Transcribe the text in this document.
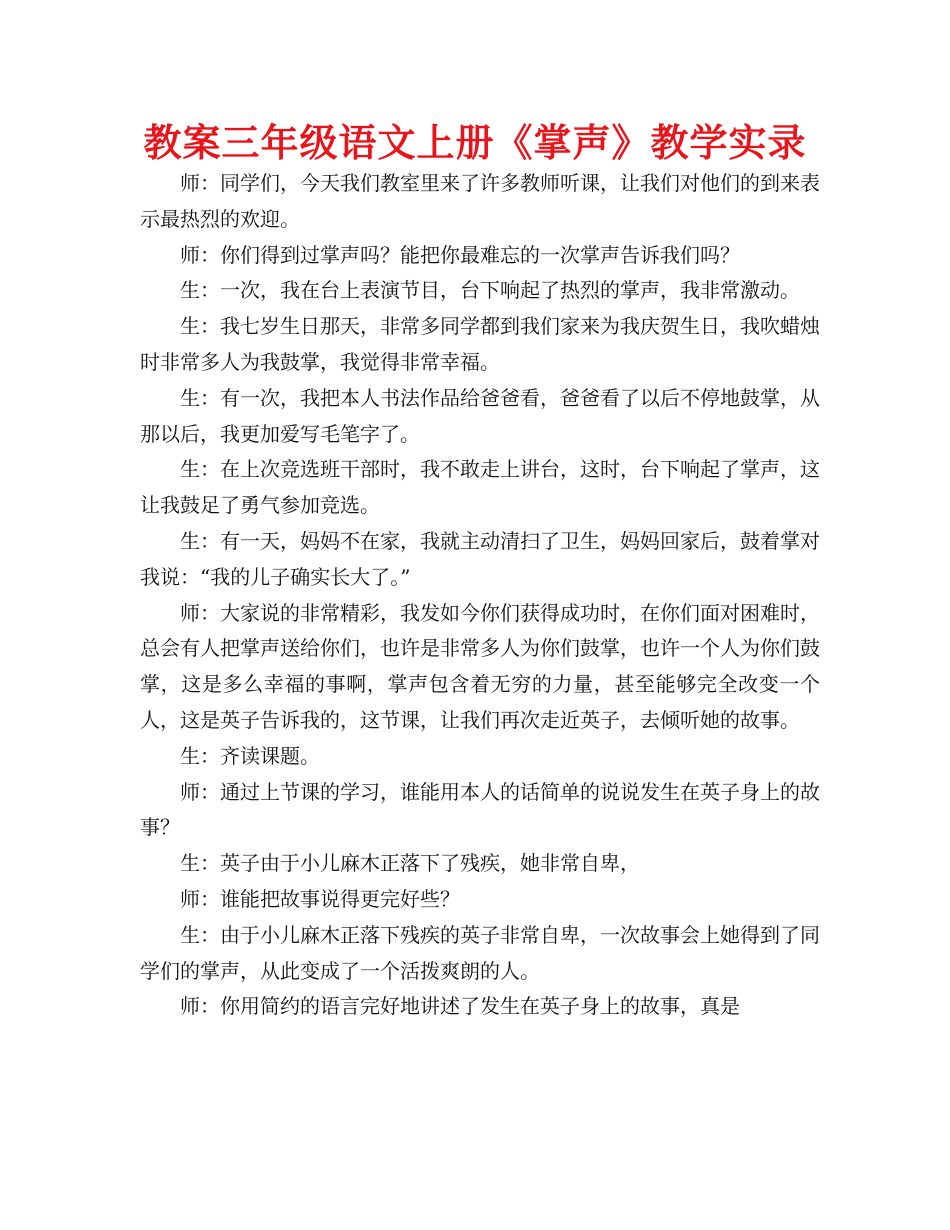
教案三年级语文上册《掌声》教学实录

师：同学们，今天我们教室里来了许多教师听课，让我们对他们的到来表示最热烈的欢迎。

师：你们得到过掌声吗？能把你最难忘的一次掌声告诉我们吗？

生：一次，我在台上表演节目，台下响起了热烈的掌声，我非常激动。

生：我七岁生日那天，非常多同学都到我们家来为我庆贺生日，我吹蜡烛时非常多人为我鼓掌，我觉得非常幸福。

生：有一次，我把本人书法作品给爸爸看，爸爸看了以后不停地鼓掌，从那以后，我更加爱写毛笔字了。

生：在上次竞选班干部时，我不敢走上讲台，这时，台下响起了掌声，这让我鼓足了勇气参加竞选。

生：有一天，妈妈不在家，我就主动清扫了卫生，妈妈回家后，鼓着掌对我说：“我的儿子确实长大了。”

师：大家说的非常精彩，我发如今你们获得成功时，在你们面对困难时，总会有人把掌声送给你们，也许是非常多人为你们鼓掌，也许一个人为你们鼓掌，这是多么幸福的事啊，掌声包含着无穷的力量，甚至能够完全改变一个人，这是英子告诉我的，这节课，让我们再次走近英子，去倾听她的故事。

生：齐读课题。

师：通过上节课的学习，谁能用本人的话简单的说说发生在英子身上的故事？

生：英子由于小儿麻木正落下了残疾，她非常自卑，

师：谁能把故事说得更完好些？

生：由于小儿麻木正落下残疾的英子非常自卑，一次故事会上她得到了同学们的掌声，从此变成了一个活拨爽朗的人。

师：你用简约的语言完好地讲述了发生在英子身上的故事，真是
